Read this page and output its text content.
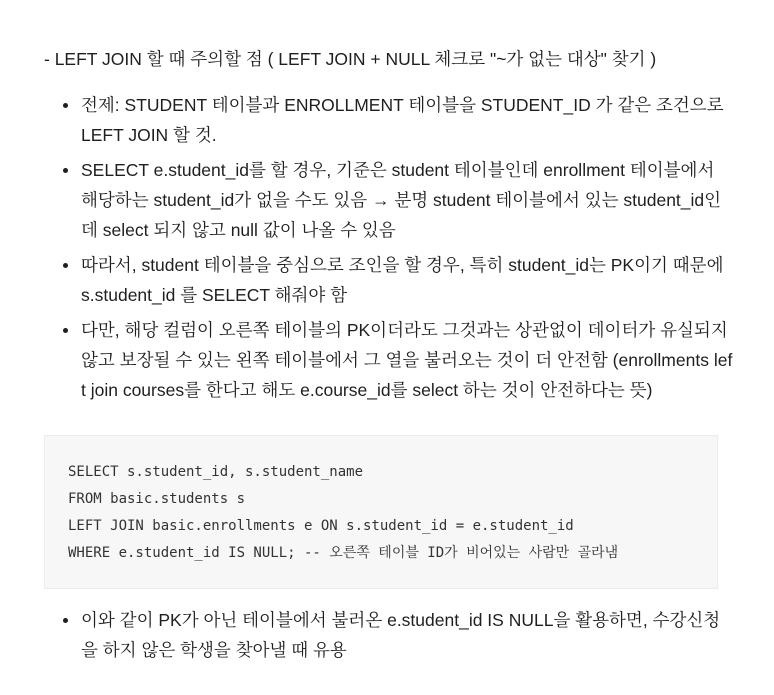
- LEFT JOIN 할 때 주의할 점 ( LEFT JOIN + NULL 체크로 "~가 없는 대상" 찾기 )
전제: STUDENT 테이블과 ENROLLMENT 테이블을 STUDENT_ID 가 같은 조건으로 LEFT JOIN 할 것.
SELECT e.student_id를 할 경우, 기준은 student 테이블인데 enrollment 테이블에서 해당하는 student_id가 없을 수도 있음 → 분명 student 테이블에서 있는 student_id인데 select 되지 않고 null 값이 나올 수 있음
따라서, student 테이블을 중심으로 조인을 할 경우, 특히 student_id는 PK이기 때문에 s.student_id 를 SELECT 해줘야 함
다만, 해당 컬럼이 오른쪽 테이블의 PK이더라도 그것과는 상관없이 데이터가 유실되지 않고 보장될 수 있는 왼쪽 테이블에서 그 열을 불러오는 것이 더 안전함 (enrollments left join courses를 한다고 해도 e.course_id를 select 하는 것이 안전하다는 뜻)
SELECT s.student_id, s.student_name
FROM basic.students s
LEFT JOIN basic.enrollments e ON s.student_id = e.student_id
WHERE e.student_id IS NULL; -- 오른쪽 테이블 ID가 비어있는 사람만 골라냄
이와 같이 PK가 아닌 테이블에서 불러온 e.student_id IS NULL을 활용하면, 수강신청을 하지 않은 학생을 찾아낼 때 유용
